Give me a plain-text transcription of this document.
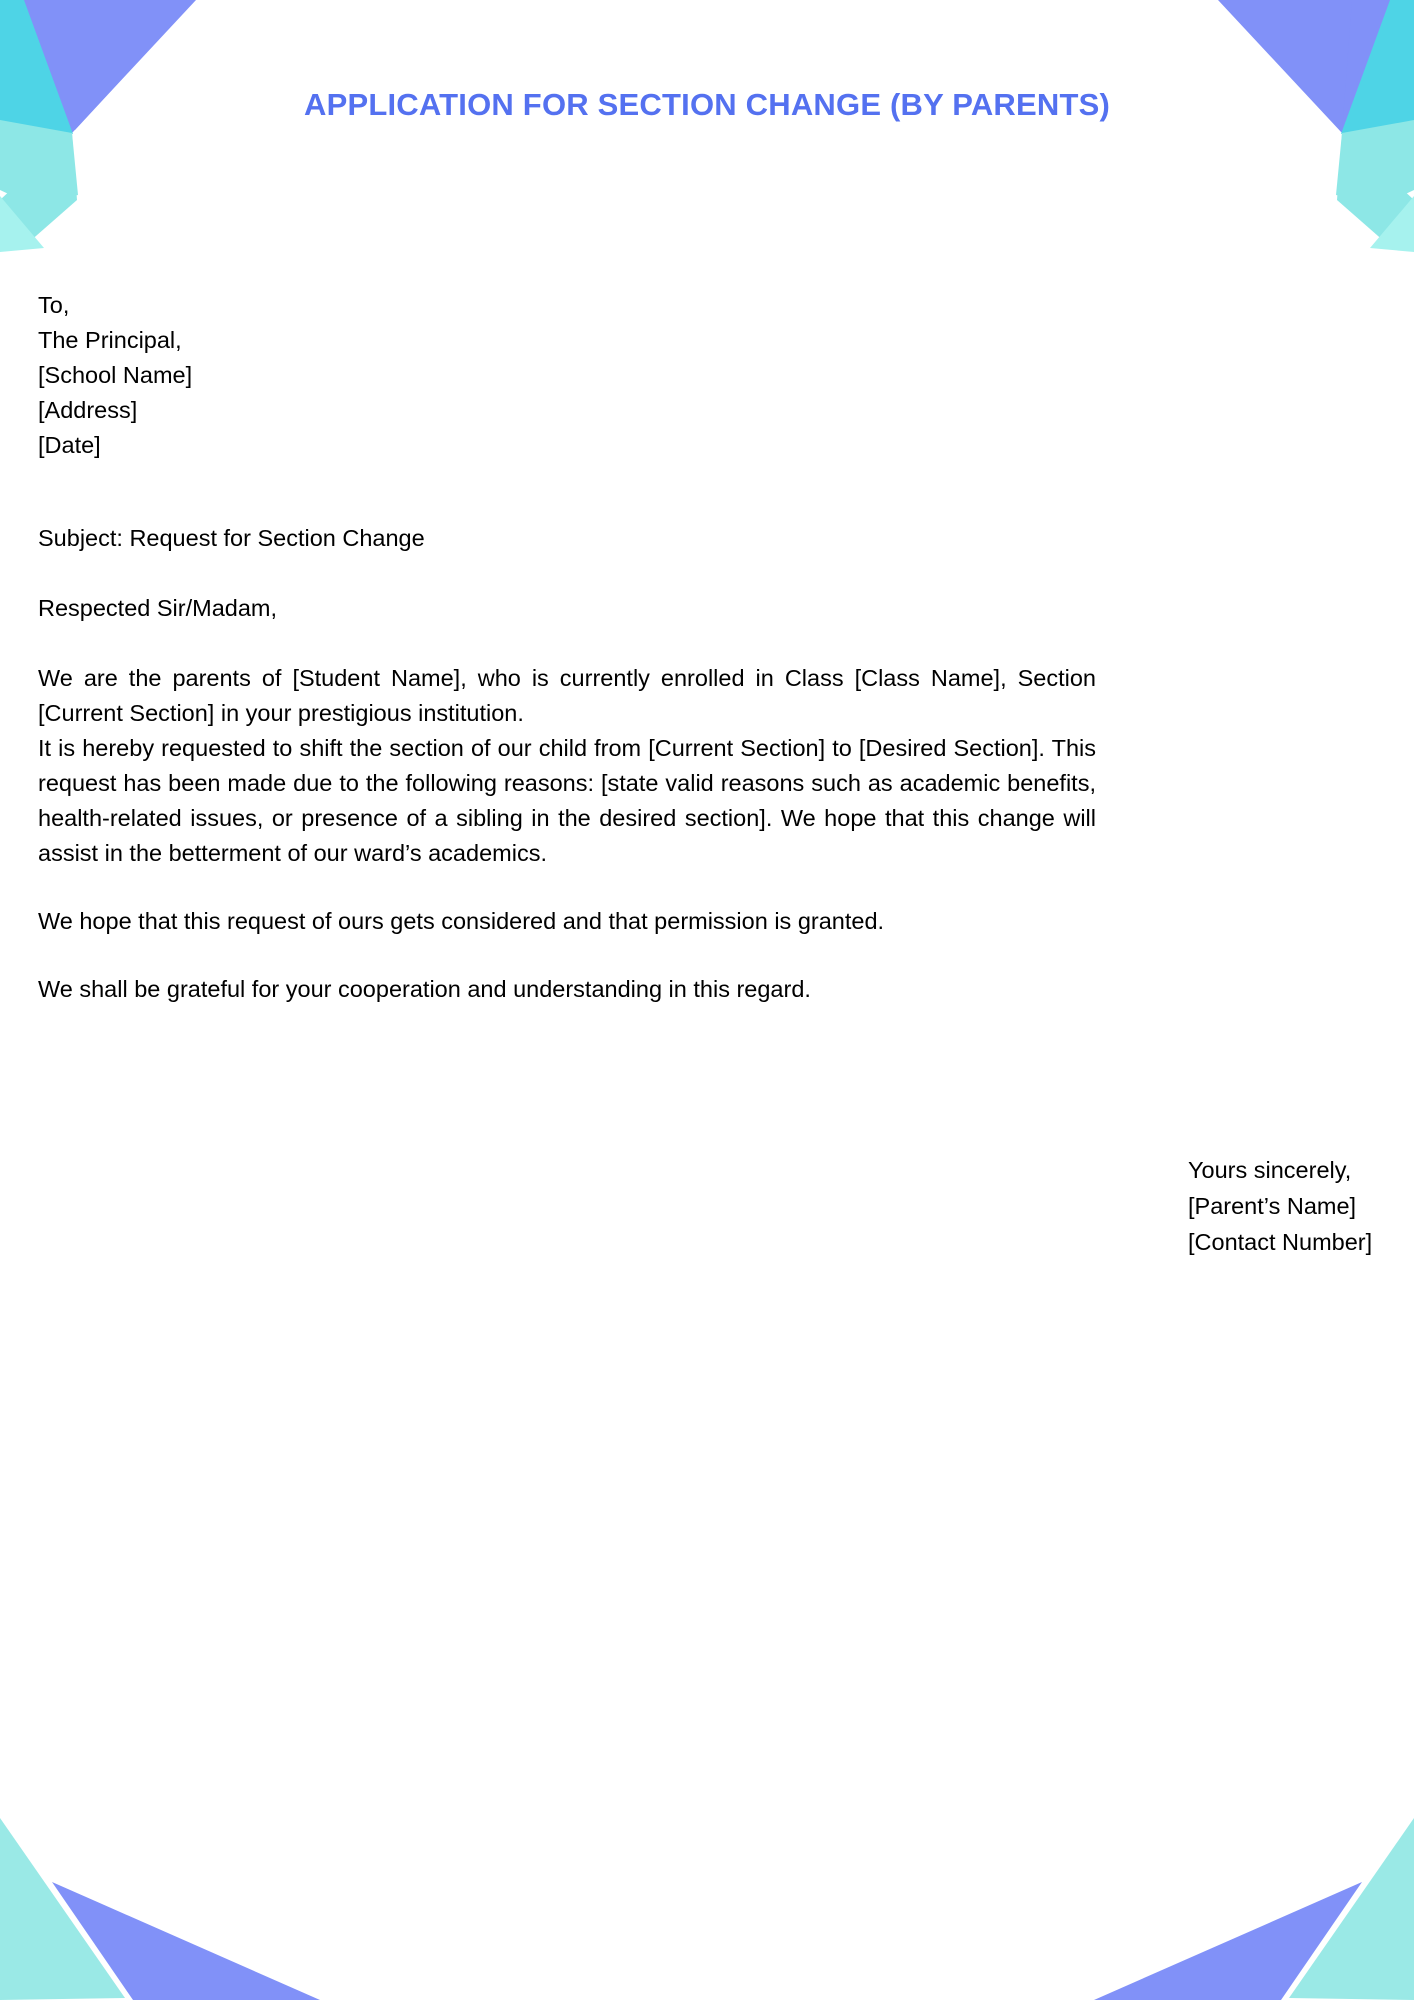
APPLICATION FOR SECTION CHANGE (BY PARENTS)
To,
The Principal,
[School Name]
[Address]
[Date]
Subject: Request for Section Change
Respected Sir/Madam,

We are the parents of [Student Name], who is currently enrolled in Class [Class Name], Section [Current Section] in your prestigious institution.

It is hereby requested to shift the section of our child from [Current Section] to [Desired Section]. This request has been made due to the following reasons: [state valid reasons such as academic benefits, health-related issues, or presence of a sibling in the desired section]. We hope that this change will assist in the betterment of our ward’s academics.

We hope that this request of ours gets considered and that permission is granted.

We shall be grateful for your cooperation and understanding in this regard.

Yours sincerely,
[Parent’s Name]
[Contact Number]
